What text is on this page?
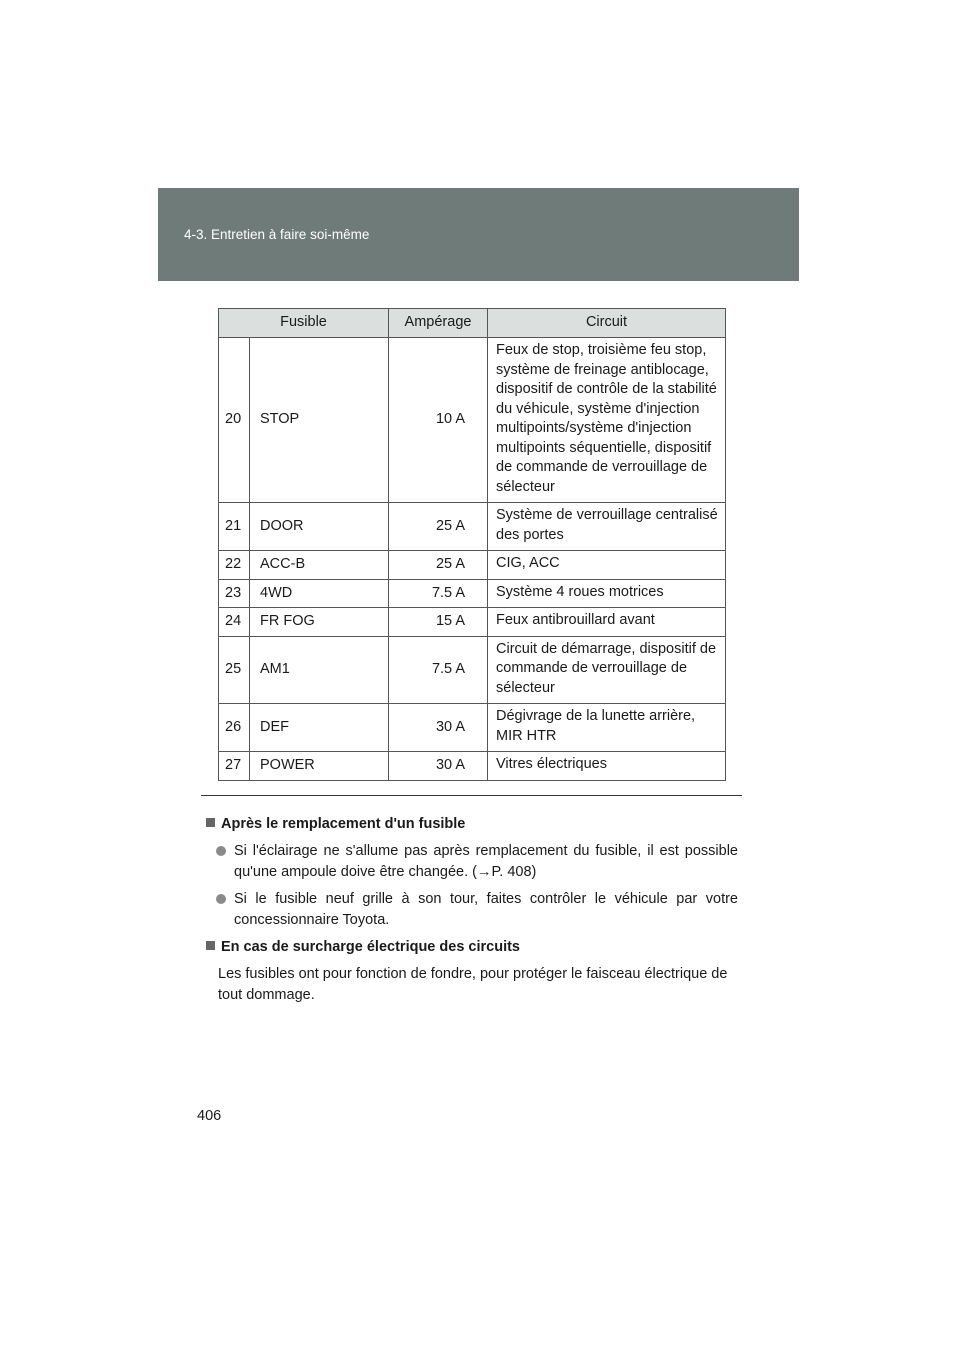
4-3. Entretien à faire soi-même
Fusible		Ampérage	Circuit
20	STOP	10 A	Feux de stop, troisième feu stop, système de freinage antiblocage, dispositif de contrôle de la stabilité du véhicule, système d'injection multipoints/système d'injection multipoints séquentielle, dispositif de commande de verrouillage de sélecteur
21	DOOR	25 A	Système de verrouillage centralisé des portes
22	ACC-B	25 A	CIG, ACC
23	4WD	7.5 A	Système 4 roues motrices
24	FR FOG	15 A	Feux antibrouillard avant
25	AM1	7.5 A	Circuit de démarrage, dispositif de commande de verrouillage de sélecteur
26	DEF	30 A	Dégivrage de la lunette arrière, MIR HTR
27	POWER	30 A	Vitres électriques
Après le remplacement d'un fusible
Si l'éclairage ne s'allume pas après remplacement du fusible, il est possible qu'une ampoule doive être changée. (→P. 408)
Si le fusible neuf grille à son tour, faites contrôler le véhicule par votre concessionnaire Toyota.
En cas de surcharge électrique des circuits
Les fusibles ont pour fonction de fondre, pour protéger le faisceau électrique de tout dommage.
406
